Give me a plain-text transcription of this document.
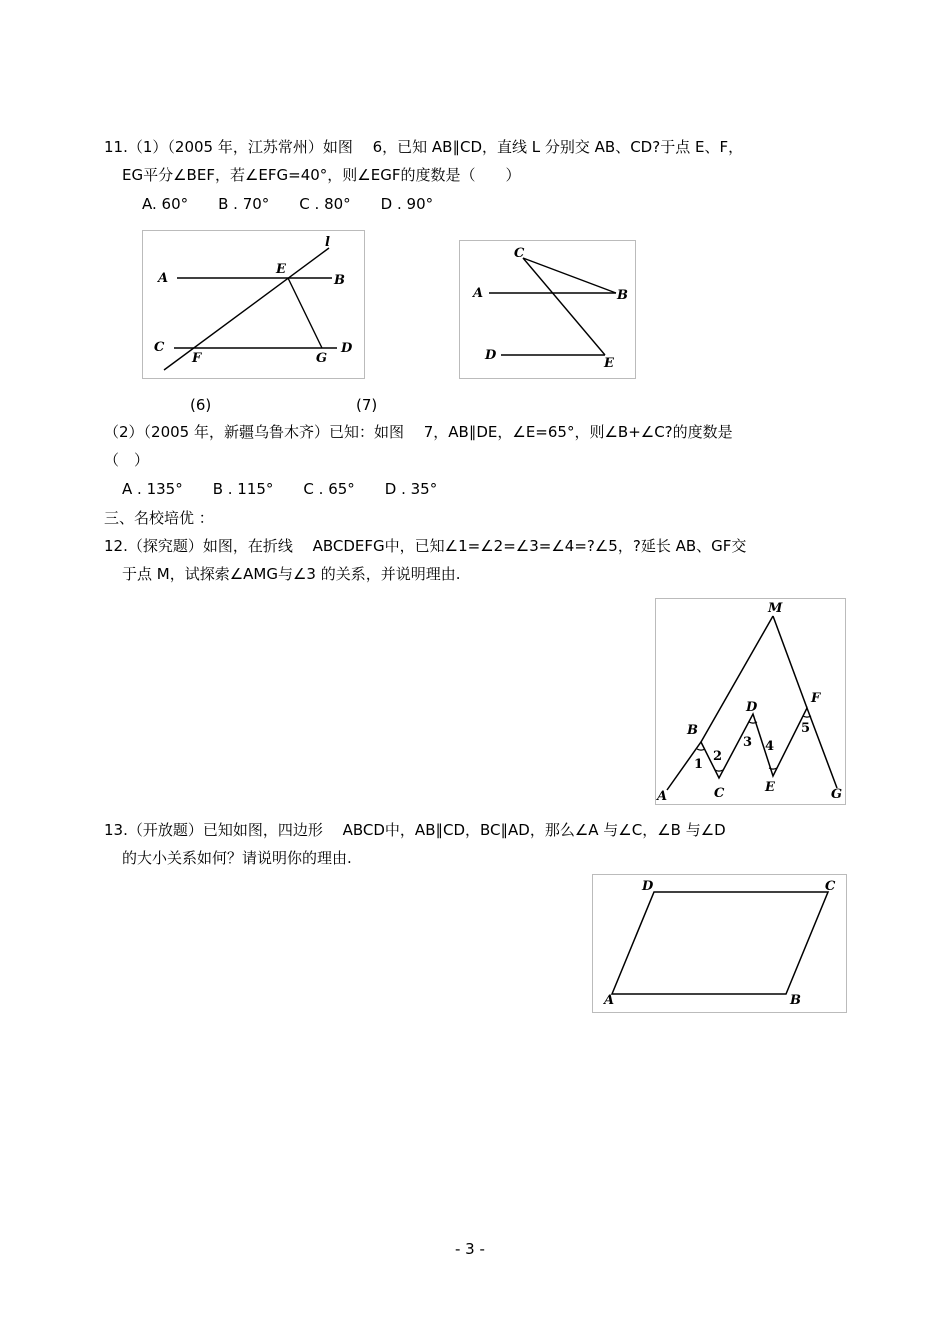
11.（1）（2005 年，江苏常州）如图　 6，已知 AB∥CD，直线 L 分别交 AB、CD?于点 E、F，
EG平分∠BEF，若∠EFG=40°，则∠EGF的度数是（　　）
A. 60°　　B . 70°　　C . 80°　　D . 90°
A	B
C	D
E
F	G
l
C
A	B
D
E
(6)	(7)
（2）（2005 年，新疆乌鲁木齐）已知：如图　 7，AB∥DE，∠E=65°，则∠B+∠C?的度数是
（　）
A . 135°　　B . 115°　　C . 65°　　D . 35°
三、名校培优 ：
12.（探究题）如图，在折线　 ABCDEFG中，已知∠1=∠2=∠3=∠4=?∠5，?延长 AB、GF交
于点 M，试探索∠AMG与∠3 的关系，并说明理由.
M
B
D
F
A	C	E	G
1
2
3 4
5
13.（开放题）已知如图，四边形　 ABCD中，AB∥CD，BC∥AD，那么∠A 与∠C，∠B 与∠D
的大小关系如何？请说明你的理由.
D	C
A	B
- 3 -
